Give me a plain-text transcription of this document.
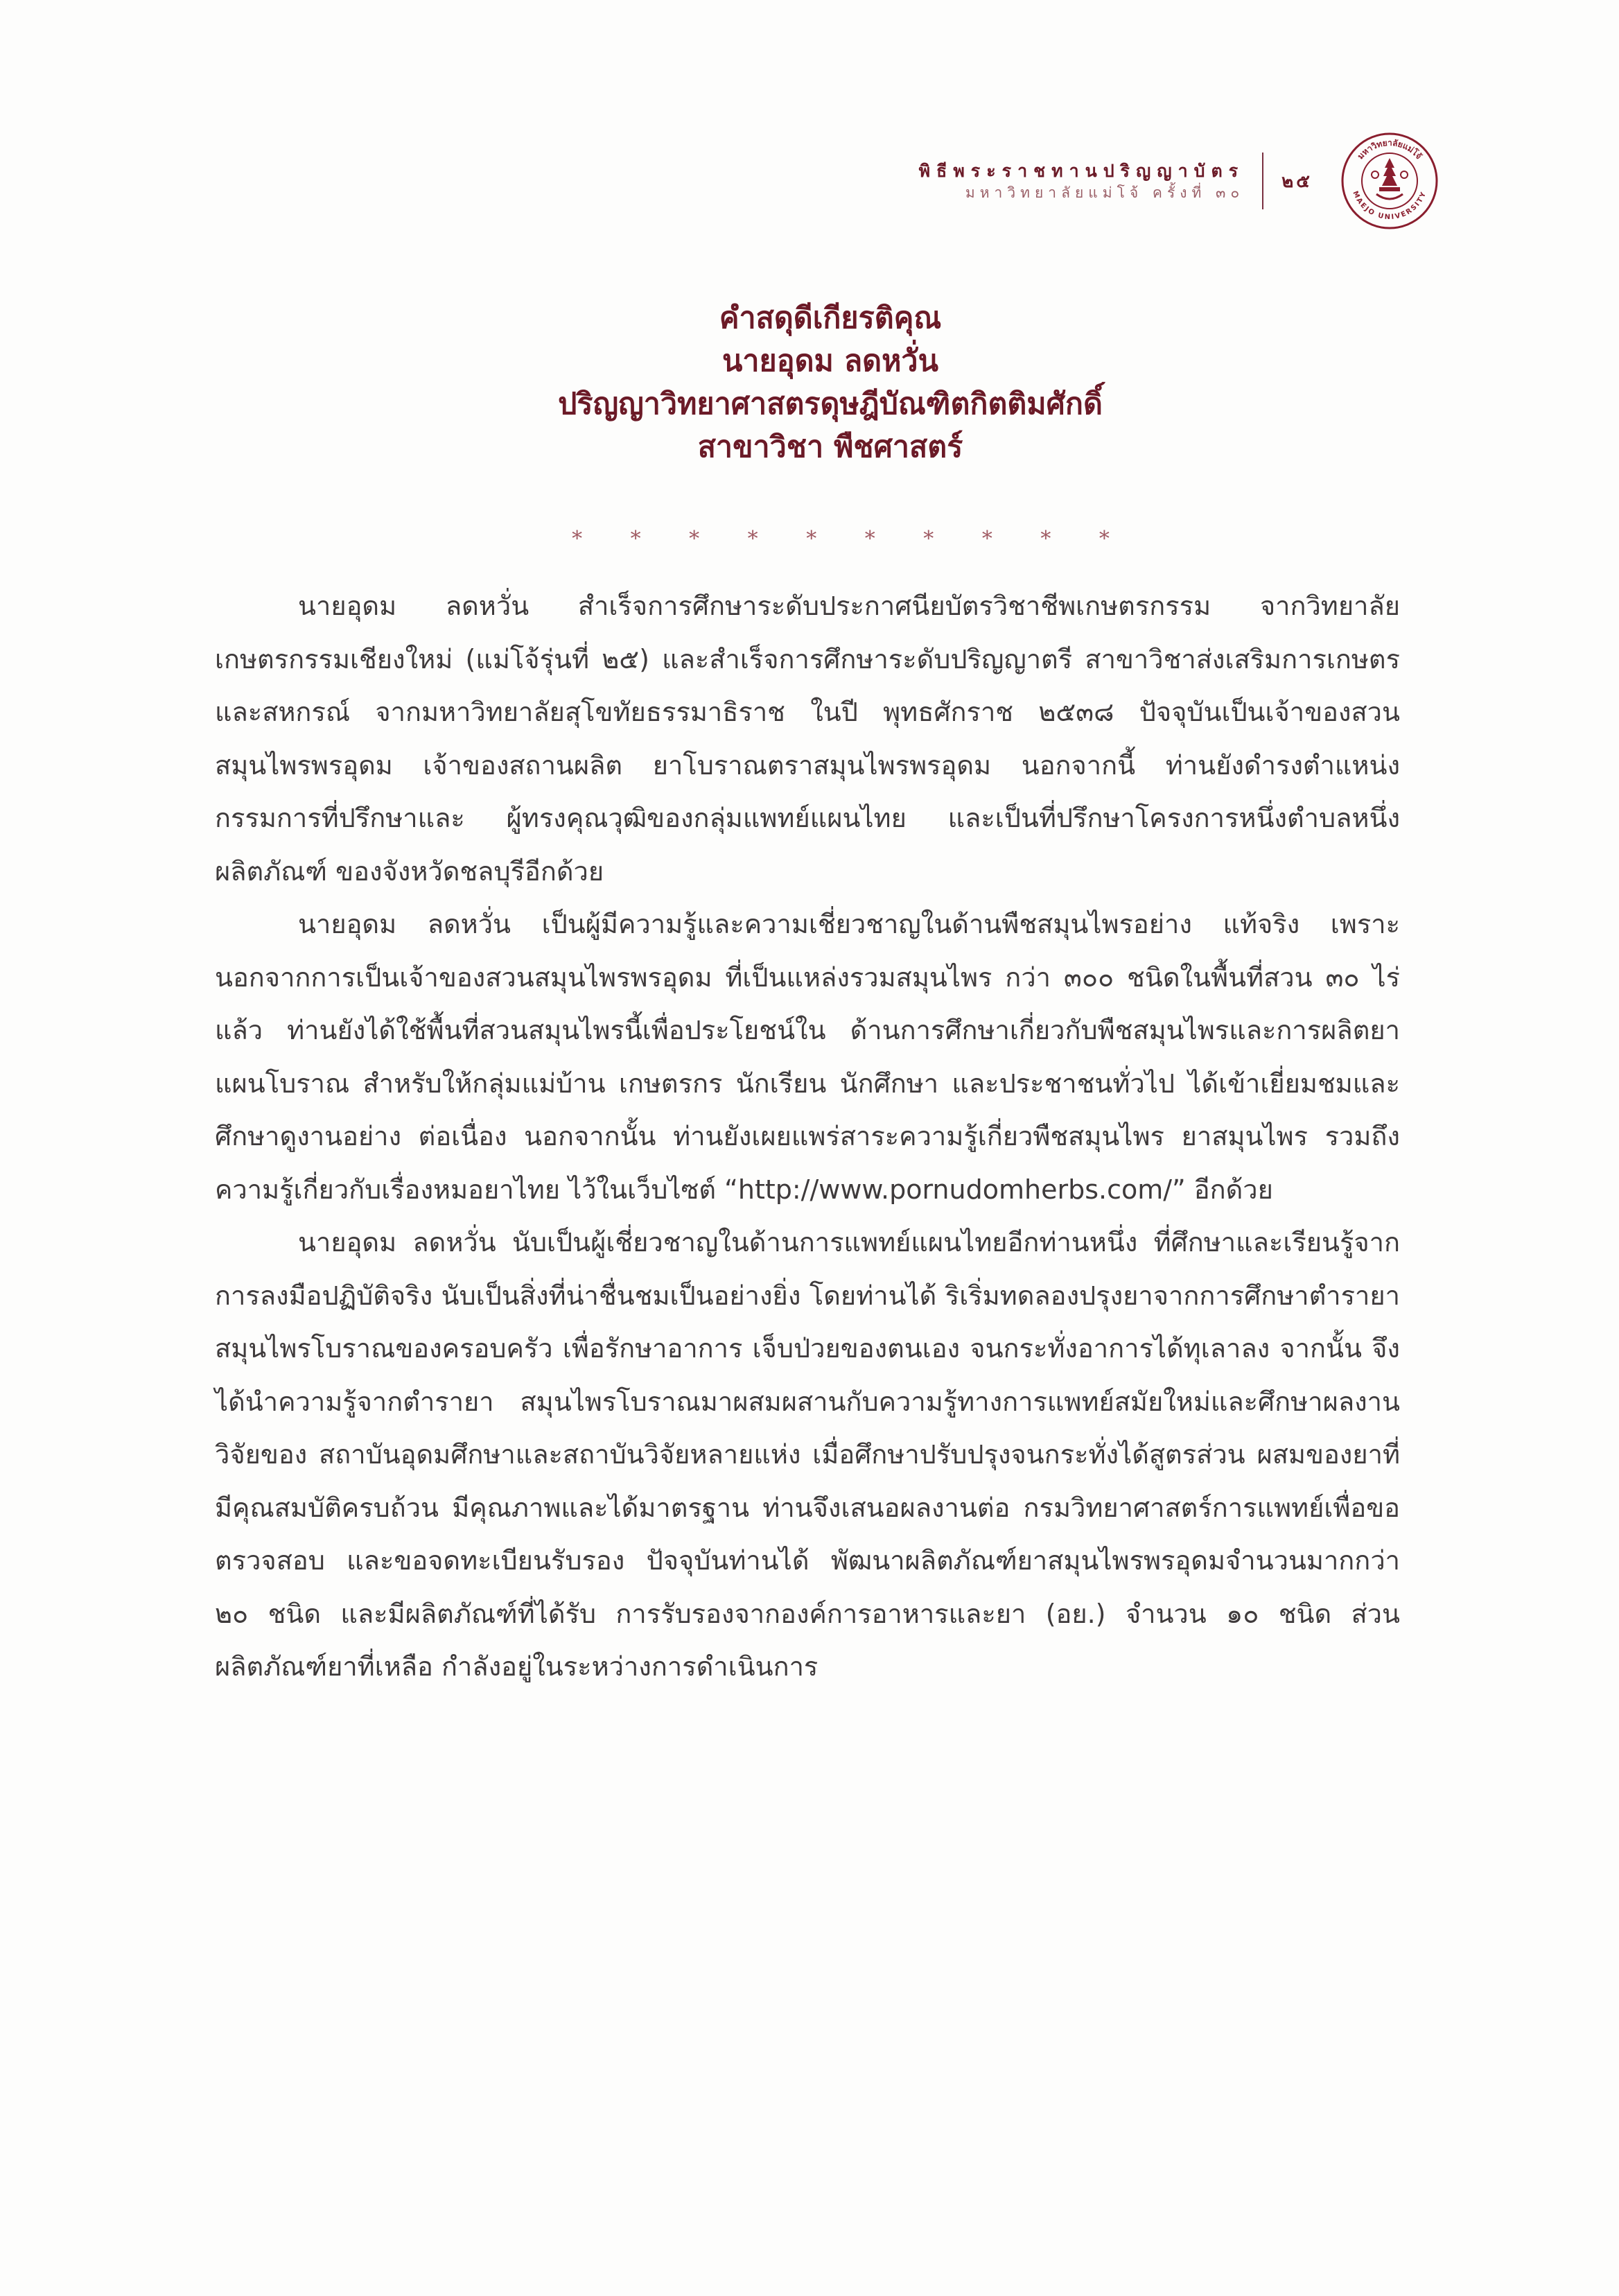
พิธีพระราชทานปริญญาบัตร
มหาวิทยาลัยแม่โจ้ ครั้งที่ ๓๐
๒๕
มหาวิทยาลัยแม่โจ้
MAEJO UNIVERSITY
คำสดุดีเกียรติคุณ
นายอุดม ลดหวั่น
ปริญญาวิทยาศาสตรดุษฎีบัณฑิตกิตติมศักดิ์
สาขาวิชา พืชศาสตร์
* * * * * * * * * *

นายอุดม ลดหวั่น สำเร็จการศึกษาระดับประกาศนียบัตรวิชาชีพเกษตรกรรม จากวิทยาลัยเกษตรกรรมเชียงใหม่ (แม่โจ้รุ่นที่ ๒๕) และสำเร็จการศึกษาระดับปริญญาตรี สาขาวิชาส่งเสริมการเกษตรและสหกรณ์ จากมหาวิทยาลัยสุโขทัยธรรมาธิราช ในปี พุทธศักราช ๒๕๓๘ ปัจจุบันเป็นเจ้าของสวนสมุนไพรพรอุดม เจ้าของสถานผลิต ยาโบราณตราสมุนไพรพรอุดม นอกจากนี้ ท่านยังดำรงตำแหน่งกรรมการที่ปรึกษาและ ผู้ทรงคุณวุฒิของกลุ่มแพทย์แผนไทย และเป็นที่ปรึกษาโครงการหนึ่งตำบลหนึ่งผลิตภัณฑ์ ของจังหวัดชลบุรีอีกด้วย

นายอุดม ลดหวั่น เป็นผู้มีความรู้และความเชี่ยวชาญในด้านพืชสมุนไพรอย่าง แท้จริง เพราะนอกจากการเป็นเจ้าของสวนสมุนไพรพรอุดม ที่เป็นแหล่งรวมสมุนไพร กว่า ๓๐๐ ชนิดในพื้นที่สวน ๓๐ ไร่ แล้ว ท่านยังได้ใช้พื้นที่สวนสมุนไพรนี้เพื่อประโยชน์ใน ด้านการศึกษาเกี่ยวกับพืชสมุนไพรและการผลิตยาแผนโบราณ สำหรับให้กลุ่มแม่บ้าน เกษตรกร นักเรียน นักศึกษา และประชาชนทั่วไป ได้เข้าเยี่ยมชมและศึกษาดูงานอย่าง ต่อเนื่อง นอกจากนั้น ท่านยังเผยแพร่สาระความรู้เกี่ยวพืชสมุนไพร ยาสมุนไพร รวมถึง ความรู้เกี่ยวกับเรื่องหมอยาไทย ไว้ในเว็บไซต์ “http://www.pornudomherbs.com/” อีกด้วย

นายอุดม ลดหวั่น นับเป็นผู้เชี่ยวชาญในด้านการแพทย์แผนไทยอีกท่านหนึ่ง ที่ศึกษาและเรียนรู้จากการลงมือปฏิบัติจริง นับเป็นสิ่งที่น่าชื่นชมเป็นอย่างยิ่ง โดยท่านได้ ริเริ่มทดลองปรุงยาจากการศึกษาตำรายาสมุนไพรโบราณของครอบครัว เพื่อรักษาอาการ เจ็บป่วยของตนเอง จนกระทั่งอาการได้ทุเลาลง จากนั้น จึงได้นำความรู้จากตำรายา สมุนไพรโบราณมาผสมผสานกับความรู้ทางการแพทย์สมัยใหม่และศึกษาผลงานวิจัยของ สถาบันอุดมศึกษาและสถาบันวิจัยหลายแห่ง เมื่อศึกษาปรับปรุงจนกระทั่งได้สูตรส่วน ผสมของยาที่มีคุณสมบัติครบถ้วน มีคุณภาพและได้มาตรฐาน ท่านจึงเสนอผลงานต่อ กรมวิทยาศาสตร์การแพทย์เพื่อขอตรวจสอบ และขอจดทะเบียนรับรอง ปัจจุบันท่านได้ พัฒนาผลิตภัณฑ์ยาสมุนไพรพรอุดมจำนวนมากกว่า ๒๐ ชนิด และมีผลิตภัณฑ์ที่ได้รับ การรับรองจากองค์การอาหารและยา (อย.) จำนวน ๑๐ ชนิด ส่วนผลิตภัณฑ์ยาที่เหลือ กำลังอยู่ในระหว่างการดำเนินการ
